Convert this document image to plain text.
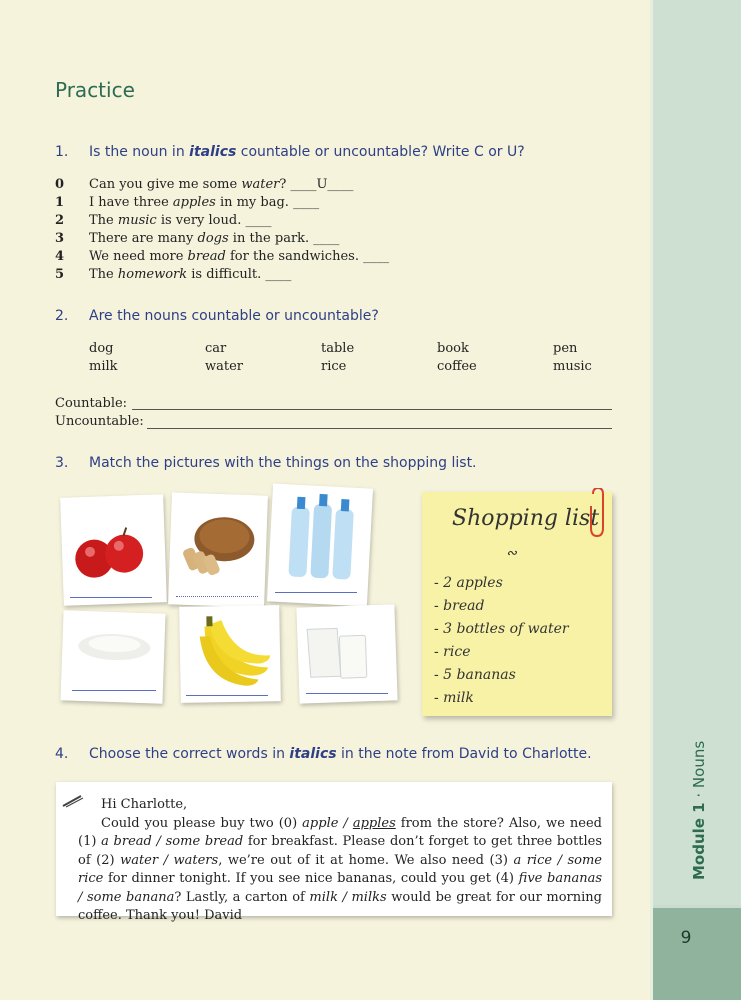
9
Module 1 · Nouns
Practice
1. Is the noun in italics countable or uncountable? Write C or U?
0	Can you give me some water? ____U____
1	I have three apples in my bag. ____
2	The music is very loud. ____
3	There are many dogs in the park. ____
4	We need more bread for the sandwiches. ____
5	The homework is difficult. ____
2. Are the nouns countable or uncountable?
dog	car	table	book	pen
milk	water	rice	coffee	music
Countable:
Uncountable:
3. Match the pictures with the things on the shopping list.
Shopping list
∾
- 2 apples
- bread
- 3 bottles of water
- rice
- 5 bananas
- milk
4. Choose the correct words in italics in the note from David to Charlotte.
Hi Charlotte,
Could you please buy two (0) apple / apples from the store? Also, we need (1) a bread / some bread for breakfast. Please don’t forget to get three bottles of (2) water / waters, we’re out of it at home. We also need (3) a rice / some rice for dinner tonight. If you see nice bananas, could you get (4) five bananas / some banana? Lastly, a carton of milk / milks would be great for our morning coffee. Thank you! David
